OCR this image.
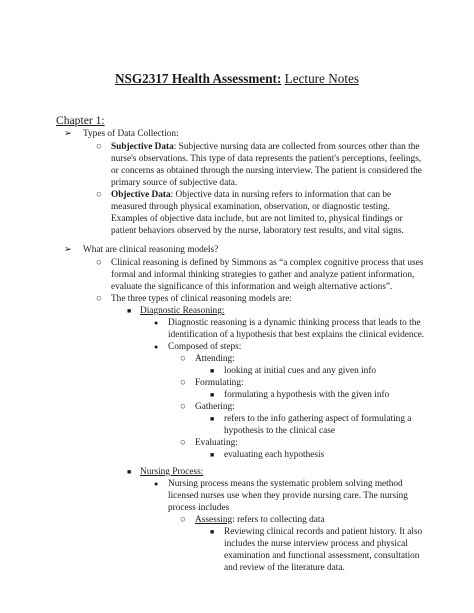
NSG2317 Health Assessment: Lecture Notes
Chapter 1:
➢ Types of Data Collection:
○ Subjective Data: Subjective nursing data are collected from sources other than the
nurse's observations. This type of data represents the patient's perceptions, feelings,
or concerns as obtained through the nursing interview. The patient is considered the
primary source of subjective data.
○ Objective Data: Objective data in nursing refers to information that can be
measured through physical examination, observation, or diagnostic testing.
Examples of objective data include, but are not limited to, physical findings or
patient behaviors observed by the nurse, laboratory test results, and vital signs.
➢ What are clinical reasoning models?
○ Clinical reasoning is defined by Simmons as “a complex cognitive process that uses
formal and informal thinking strategies to gather and analyze patient information,
evaluate the significance of this information and weigh alternative actions”.
○ The three types of clinical reasoning models are:
■ Diagnostic Reasoning:
● Diagnostic reasoning is a dynamic thinking process that leads to the
identification of a hypothesis that best explains the clinical evidence.
● Composed of steps:
○ Attending:
■ looking at initial cues and any given info
○ Formulating:
■ formulating a hypothesis with the given info
○ Gathering:
■ refers to the info gathering aspect of formulating a
hypothesis to the clinical case
○ Evaluating:
■ evaluating each hypothesis
■ Nursing Process:
● Nursing process means the systematic problem solving method
licensed nurses use when they provide nursing care. The nursing
process includes
○ Assessing: refers to collecting data
■ Reviewing clinical records and patient history. It also
includes the nurse interview process and physical
examination and functional assessment, consultation
and review of the literature data.
